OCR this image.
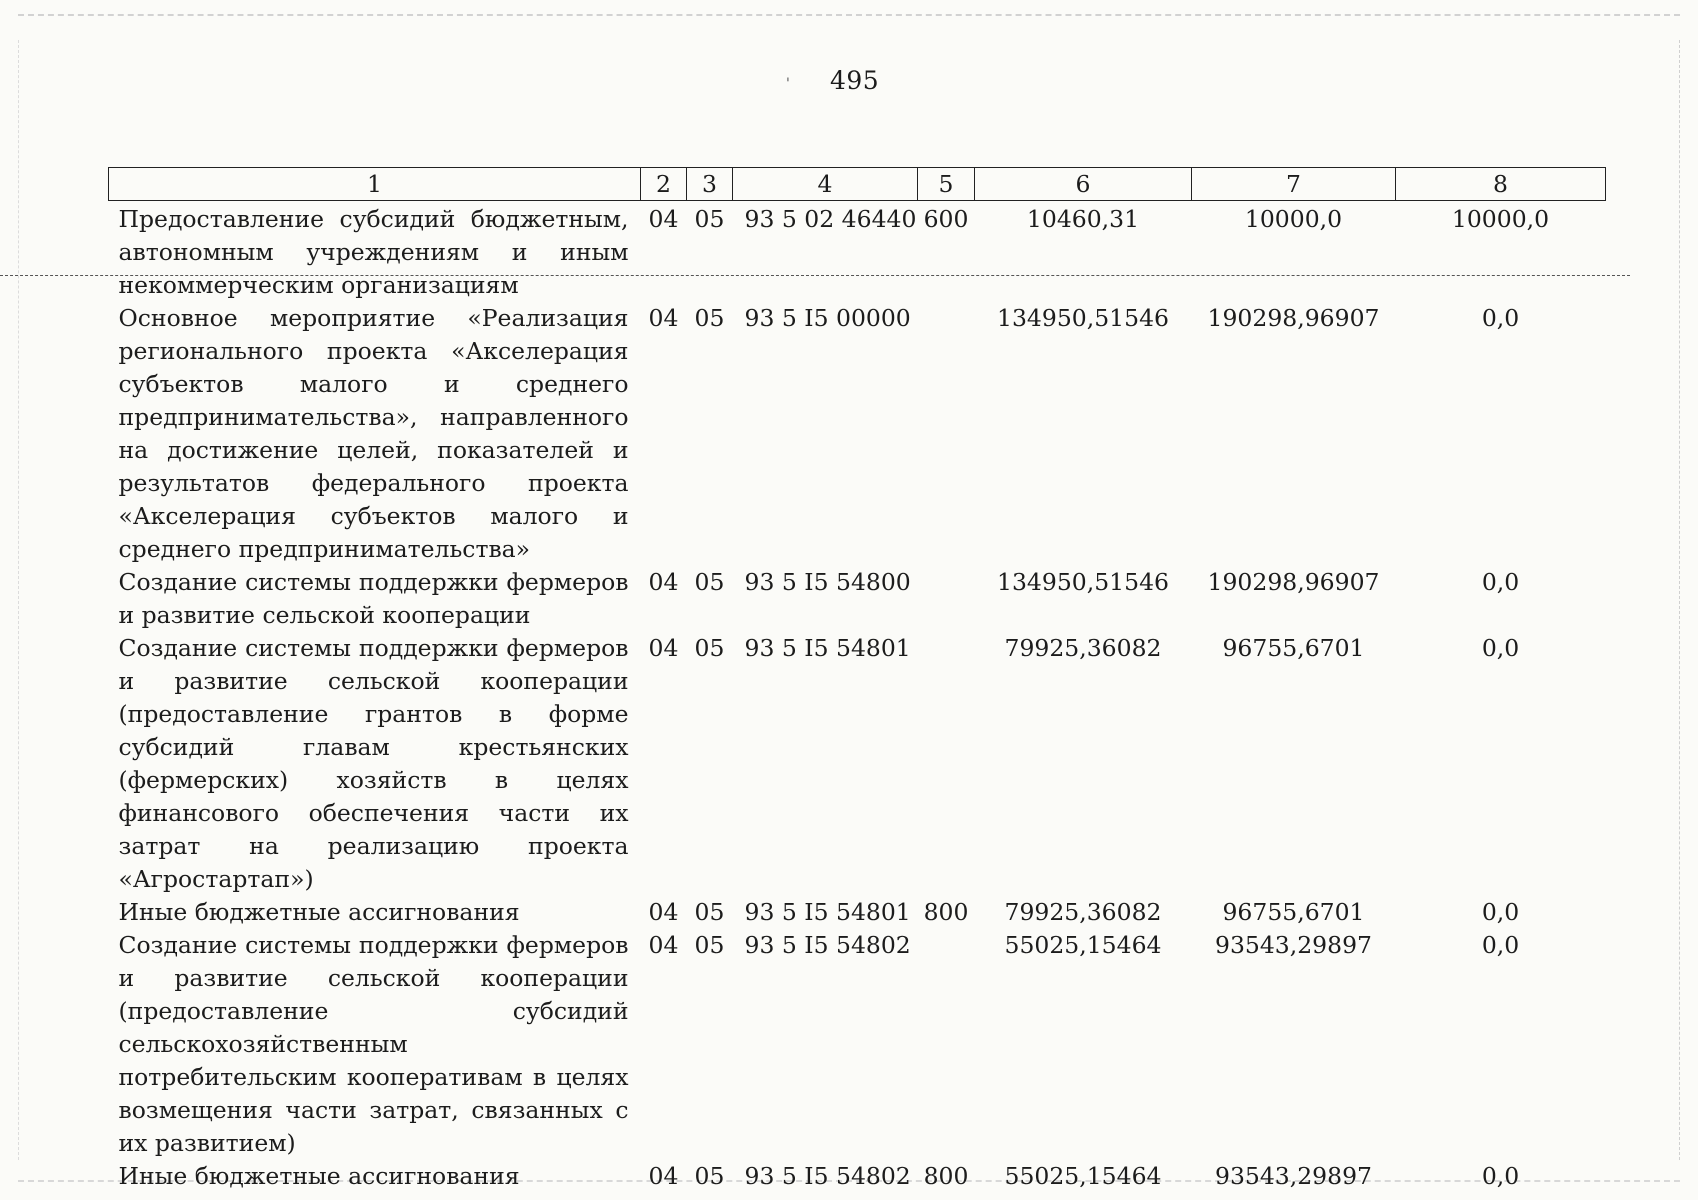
' 495
1	2	3	4	5	6	7	8
Предоставление субсидий бюджетным, автономным учреждениям и иным некоммерческим организациям	04	05	93 5 02 46440	600	10460,31	10000,0	10000,0
Основное мероприятие «Реализация регионального проекта «Акселерация субъектов малого и среднего предпринимательства», направленного на достижение целей, показателей и результатов федерального проекта «Акселерация субъектов малого и среднего предпринимательства»	04	05	93 5 I5 00000		134950,51546	190298,96907	0,0
Создание системы поддержки фермеров и развитие сельской кооперации	04	05	93 5 I5 54800		134950,51546	190298,96907	0,0
Создание системы поддержки фермеров и развитие сельской кооперации (предоставление грантов в форме субсидий главам крестьянских (фермерских) хозяйств в целях финансового обеспечения части их затрат на реализацию проекта «Агростартап»)	04	05	93 5 I5 54801		79925,36082	96755,6701	0,0
Иные бюджетные ассигнования	04	05	93 5 I5 54801	800	79925,36082	96755,6701	0,0
Создание системы поддержки фермеров и развитие сельской кооперации (предоставление субсидий сельскохозяйственным потребительским кооперативам в целях возмещения части затрат, связанных с их развитием)	04	05	93 5 I5 54802		55025,15464	93543,29897	0,0
Иные бюджетные ассигнования	04	05	93 5 I5 54802	800	55025,15464	93543,29897	0,0
